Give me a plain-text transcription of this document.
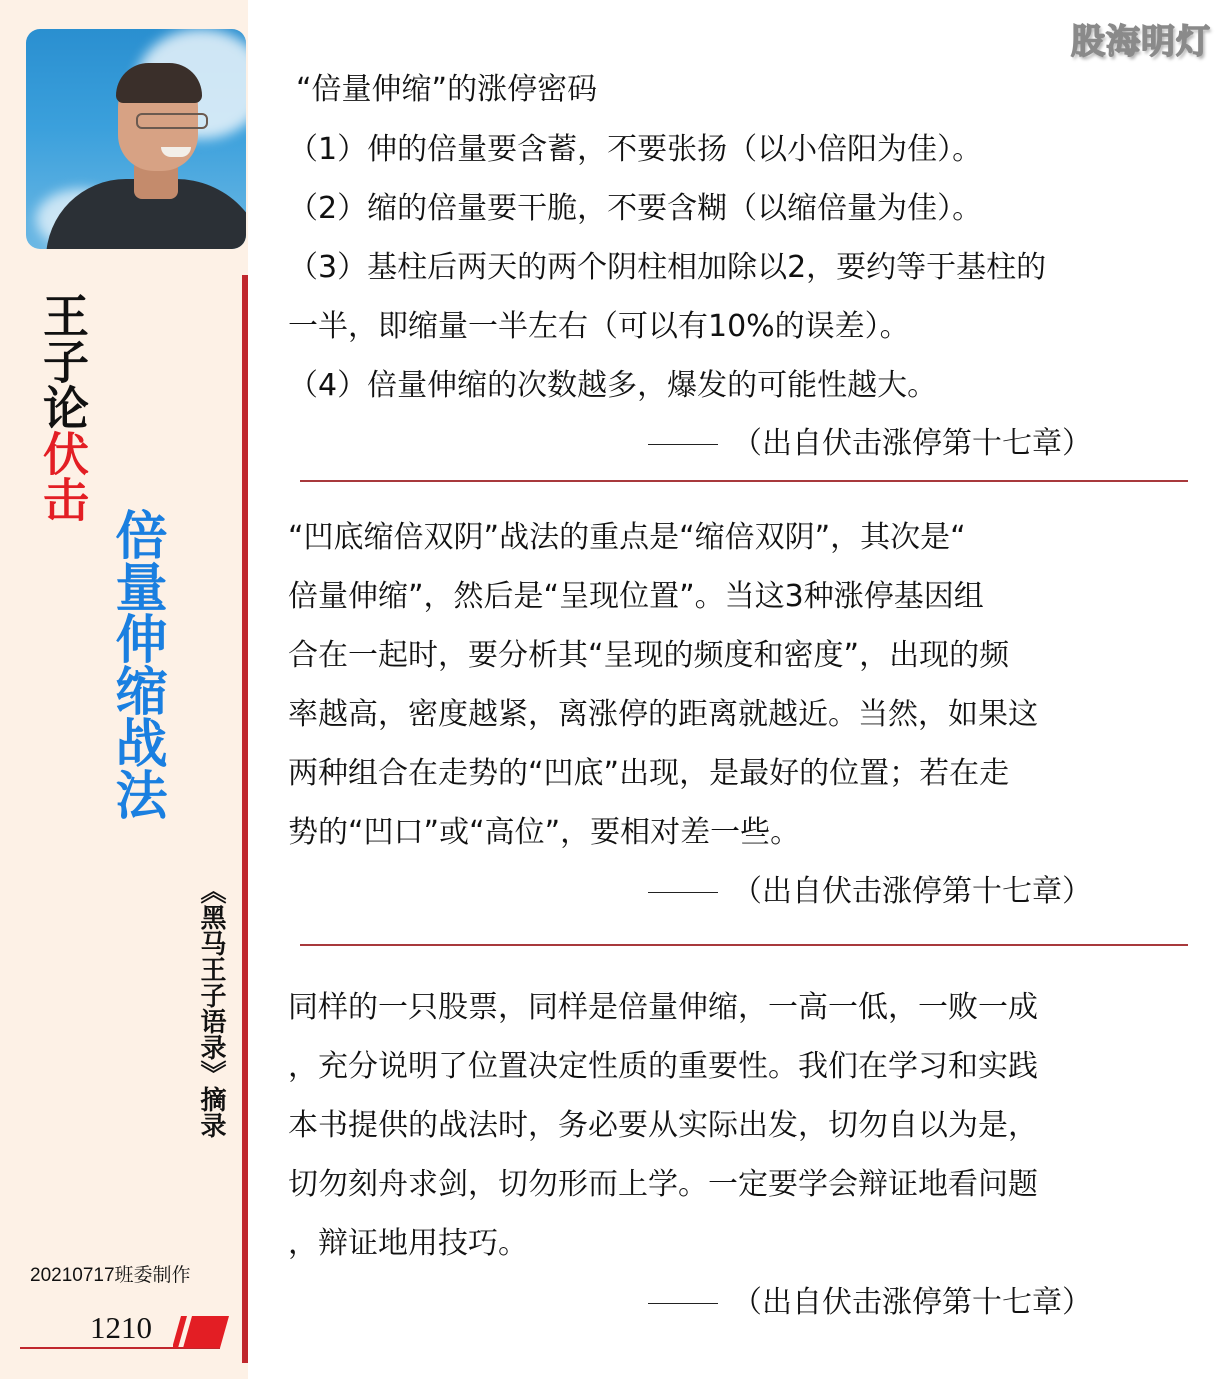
王子论伏击
倍量伸缩战法
《黑马王子语录》摘录
20210717班委制作
1210
股海明灯
“倍量伸缩”的涨停密码
（1）伸的倍量要含蓄，不要张扬（以小倍阳为佳）。
（2）缩的倍量要干脆，不要含糊（以缩倍量为佳）。
（3）基柱后两天的两个阴柱相加除以2，要约等于基柱的
一半，即缩量一半左右（可以有10%的误差）。
（4）倍量伸缩的次数越多，爆发的可能性越大。
（出自伏击涨停第十七章）
“凹底缩倍双阴”战法的重点是“缩倍双阴”，其次是“
倍量伸缩”，然后是“呈现位置”。当这3种涨停基因组
合在一起时，要分析其“呈现的频度和密度”，出现的频
率越高，密度越紧，离涨停的距离就越近。当然，如果这
两种组合在走势的“凹底”出现，是最好的位置；若在走
势的“凹口”或“高位”，要相对差一些。
（出自伏击涨停第十七章）
同样的一只股票，同样是倍量伸缩，一高一低，一败一成
，充分说明了位置决定性质的重要性。我们在学习和实践
本书提供的战法时，务必要从实际出发，切勿自以为是，
切勿刻舟求剑，切勿形而上学。一定要学会辩证地看问题
，辩证地用技巧。
（出自伏击涨停第十七章）
